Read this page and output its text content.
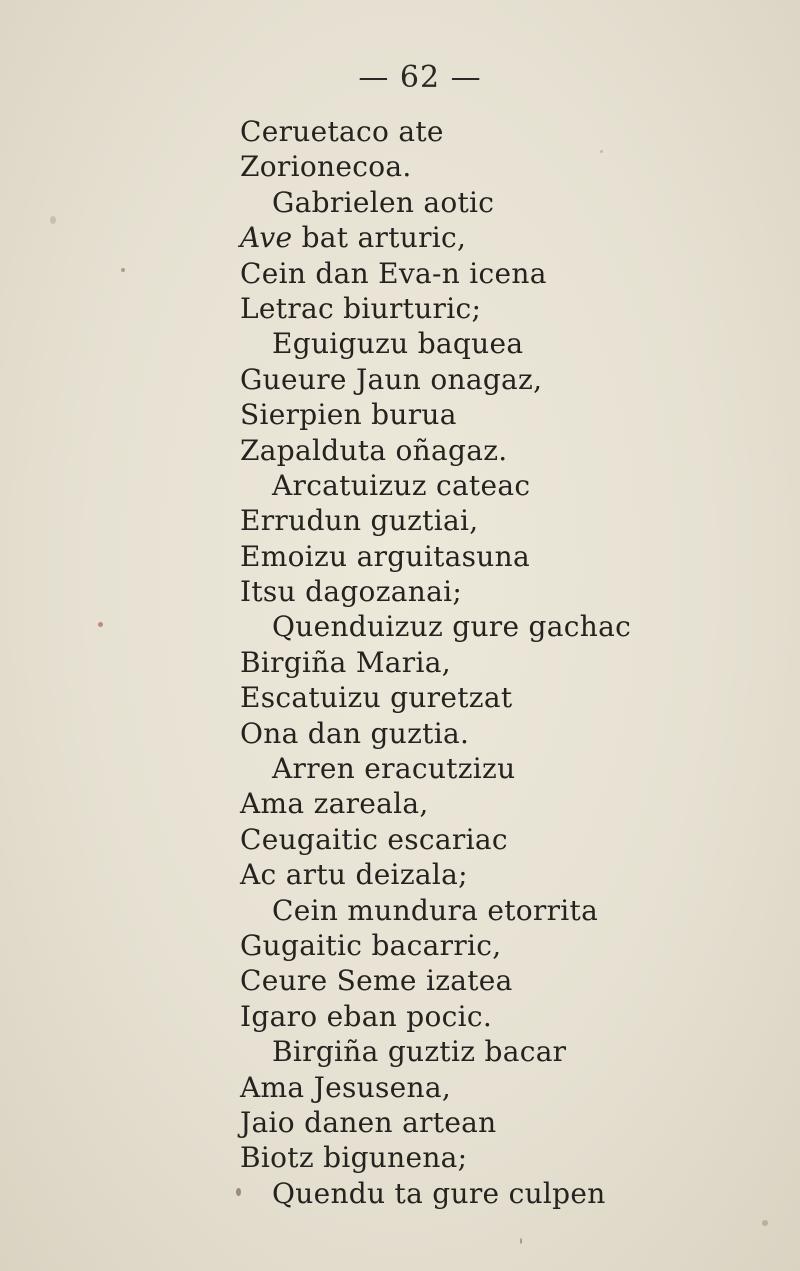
— 62 —
Ceruetaco ate
Zorionecoa.
Gabrielen aotic
Ave bat arturic,
Cein dan Eva-n icena
Letrac biurturic;
Eguiguzu baquea
Gueure Jaun onagaz,
Sierpien burua
Zapalduta oñagaz.
Arcatuizuz cateac
Errudun guztiai,
Emoizu arguitasuna
Itsu dagozanai;
Quenduizuz gure gachac
Birgiña Maria,
Escatuizu guretzat
Ona dan guztia.
Arren eracutzizu
Ama zareala,
Ceugaitic escariac
Ac artu deizala;
Cein mundura etorrita
Gugaitic bacarric,
Ceure Seme izatea
Igaro eban pocic.
Birgiña guztiz bacar
Ama Jesusena,
Jaio danen artean
Biotz bigunena;
Quendu ta gure culpen
